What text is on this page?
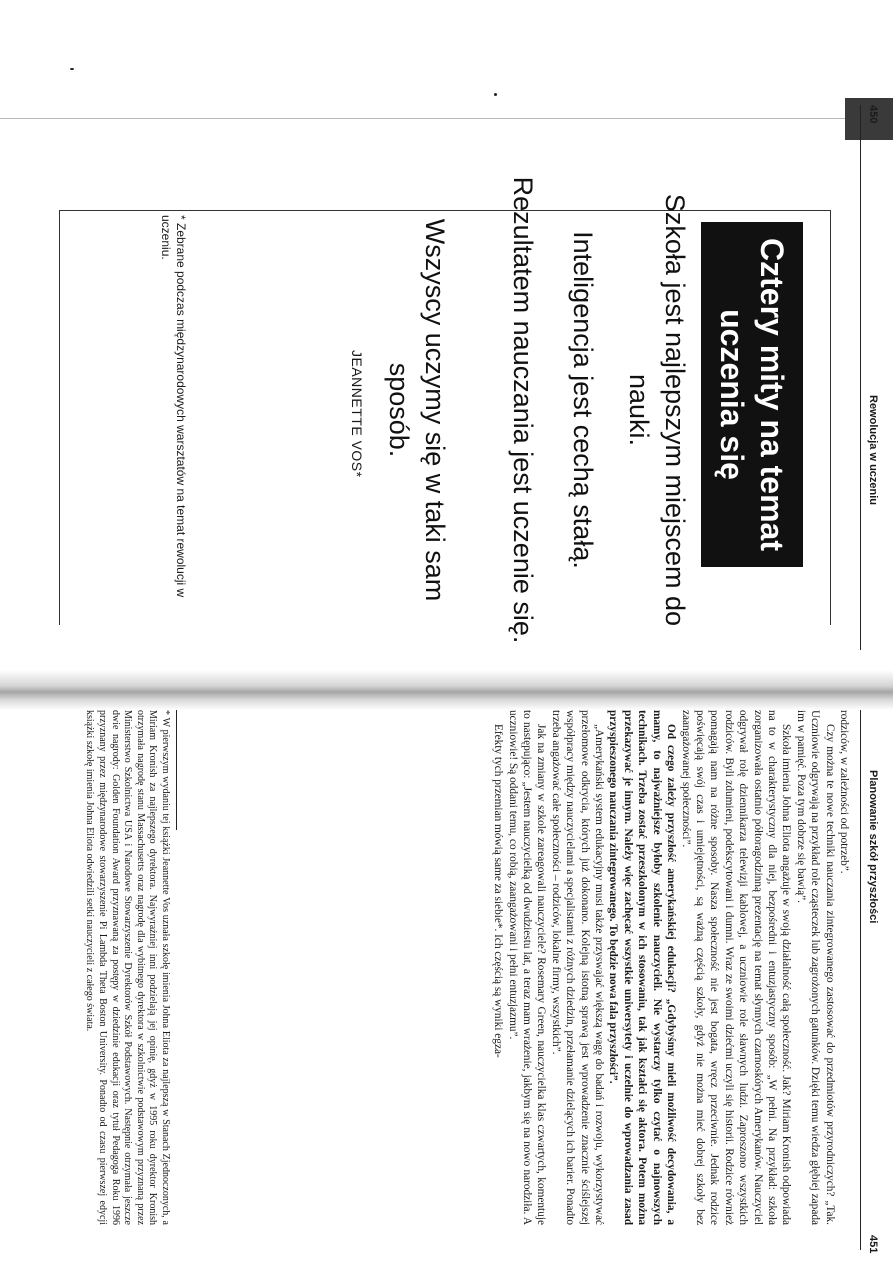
450
Rewolucja w uczeniu
Cztery mity na temat uczenia się
Szkoła jest najlepszym miejscem do nauki.
Inteligencja jest cechą stałą.
Rezultatem nauczania jest uczenie się.
Wszyscy uczymy się w taki sam sposób.
JEANNETTE VOS*
* Zebrane podczas międzynarodowych warsztatów na temat rewolucji w uczeniu.
Planowanie szkół przyszłości
451

rodziców, w zależności od potrzeb”.

Czy można te nowe techniki nauczania zintegrowanego zastosować do przedmiotów przyrodniczych? „Tak. Uczniowie odgrywają na przykład role cząsteczek lub zagrożonych gatunków. Dzięki temu wiedza głębiej zapada im w pamięć. Poza tym dobrze się bawią”.

Szkoła imienia Johna Eliota angażuje w swoją działalność całą społeczność. Jak? Miriam Kronish odpowiada na to w charakterystyczny dla niej, bezpośredni i entuzjastyczny sposób: „W pełni. Na przykład: szkoła zorganizowała ostatnio półtoragodzinną prezentację na temat słynnych czarnoskórych Amerykanów. Nauczyciel odgrywał rolę dziennikarza telewizji kablowej, a uczniowie role sławnych ludzi. Zaproszono wszystkich rodziców. Byli zdumieni, podekscytowani i dumni. Wraz ze swoimi dziećmi uczyli się historii. Rodzice również pomagają nam na różne sposoby. Nasza społeczność nie jest bogata, wręcz przeciwnie. Jednak rodzice poświęcają swój czas i umiejętności, są ważną częścią szkoły, gdyż nie można mieć dobrej szkoły bez zaangażowanej społeczności”.

Od czego zależy przyszłość amerykańskiej edukacji? „Gdybyśmy mieli możliwość decydowania, a mamy, to najważniejsze byłoby szkolenie nauczycieli. Nie wystarczy tylko czytać o najnowszych technikach. Trzeba zostać przeszkolonym w ich stosowaniu, tak jak kształci się aktora. Potem można przekazywać je innym. Należy więc zachęcać wszystkie uniwersytety i uczelnie do wprowadzania zasad przyspieszonego nauczania zintegrowanego. To będzie nowa fala przyszłości”.

„Amerykański system edukacyjny musi także przyswajać większą wagę do badań i rozwoju, wykorzystywać przełomowe odkrycia, których już dokonano. Kolejną istotną sprawą jest wprowadzenie znacznie ściślejszej współpracy między nauczycielami a specjalistami z różnych dziedzin, przełamanie dzielących ich barier. Ponadto trzeba angażować całe społeczności – rodziców, lokalne firmy, wszystkich”.

Jak na zmiany w szkole zareagowali nauczyciele? Rosemary Green, nauczycielka klas czwartych, komentuje to następująco: „Jestem nauczycielką od dwudziestu lat, a teraz mam wrażenie, jakbym się na nowo narodziła. A uczniowie! Są oddani temu, co robią, zaangażowani i pełni entuzjazmu”.

Efekty tych przemian mówią same za siebie*. Ich częścią są wyniki egza-

* W pierwszym wydaniu tej książki Jeannette Vos uznała szkołę imienia Johna Eliota za najlepszą w Stanach Zjednoczonych, a Miriam Kronish za najlepszego dyrektora. Najwyraźniej inni podzielają jej opinię, gdyż w 1995 roku dyrektor Kronish otrzymała nagrodę stanu Massachusetts oraz nagrodę dla wybitnego dyrektora w szkolnictwie podstawowym przyznaną przez Ministerstwo Szkolnictwa USA i Narodowe Stowarzyszenie Dyrektorów Szkół Podstawowych. Następnie otrzymała jeszcze dwie nagrody: Golden Foundation Award przyznawaną za postępy w dziedzinie edukacji oraz tytuł Pedagoga Roku 1996 przyznany przez międzynarodowe stowarzyszenie Pi Lambda Theta Boston University. Ponadto od czasu pierwszej edycji książki szkołę imienia Johna Eliota odwiedzili setki nauczycieli z całego świata.
